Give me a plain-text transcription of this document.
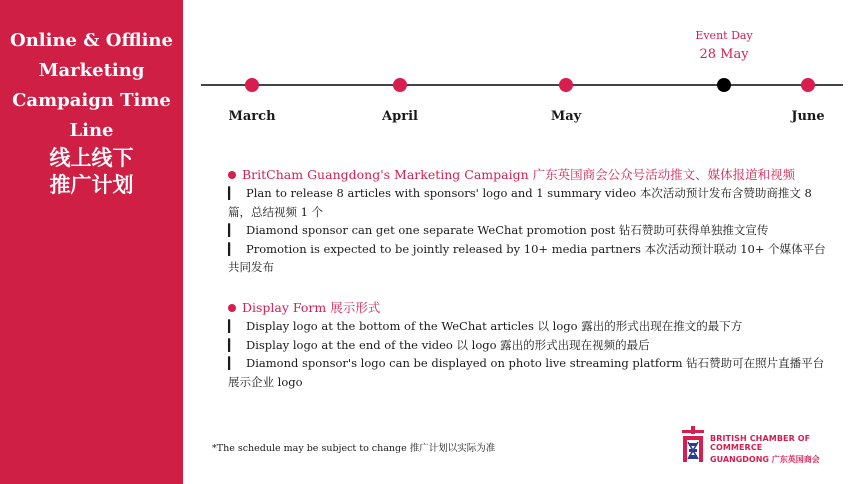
Online & Offline
Marketing
Campaign Time
Line
线上线下
推广计划
Event Day
28 May
March	April	May	June
BritCham Guangdong's Marketing Campaign 广东英国商会公众号活动推文、媒体报道和视频
▎ Plan to release 8 articles with sponsors' logo and 1 summary video 本次活动预计发布含赞助商推文 8 篇，总结视频 1 个
▎ Diamond sponsor can get one separate WeChat promotion post 钻石赞助可获得单独推文宣传
▎ Promotion is expected to be jointly released by 10+ media partners 本次活动预计联动 10+ 个媒体平台共同发布
Display Form 展示形式
▎ Display logo at the bottom of the WeChat articles 以 logo 露出的形式出现在推文的最下方
▎ Display logo at the end of the video 以 logo 露出的形式出现在视频的最后
▎ Diamond sponsor's logo can be displayed on photo live streaming platform 钻石赞助可在照片直播平台展示企业 logo
*The schedule may be subject to change 推广计划以实际为准
BRITISH CHAMBER OF COMMERCE
GUANGDONG 广东英国商会
